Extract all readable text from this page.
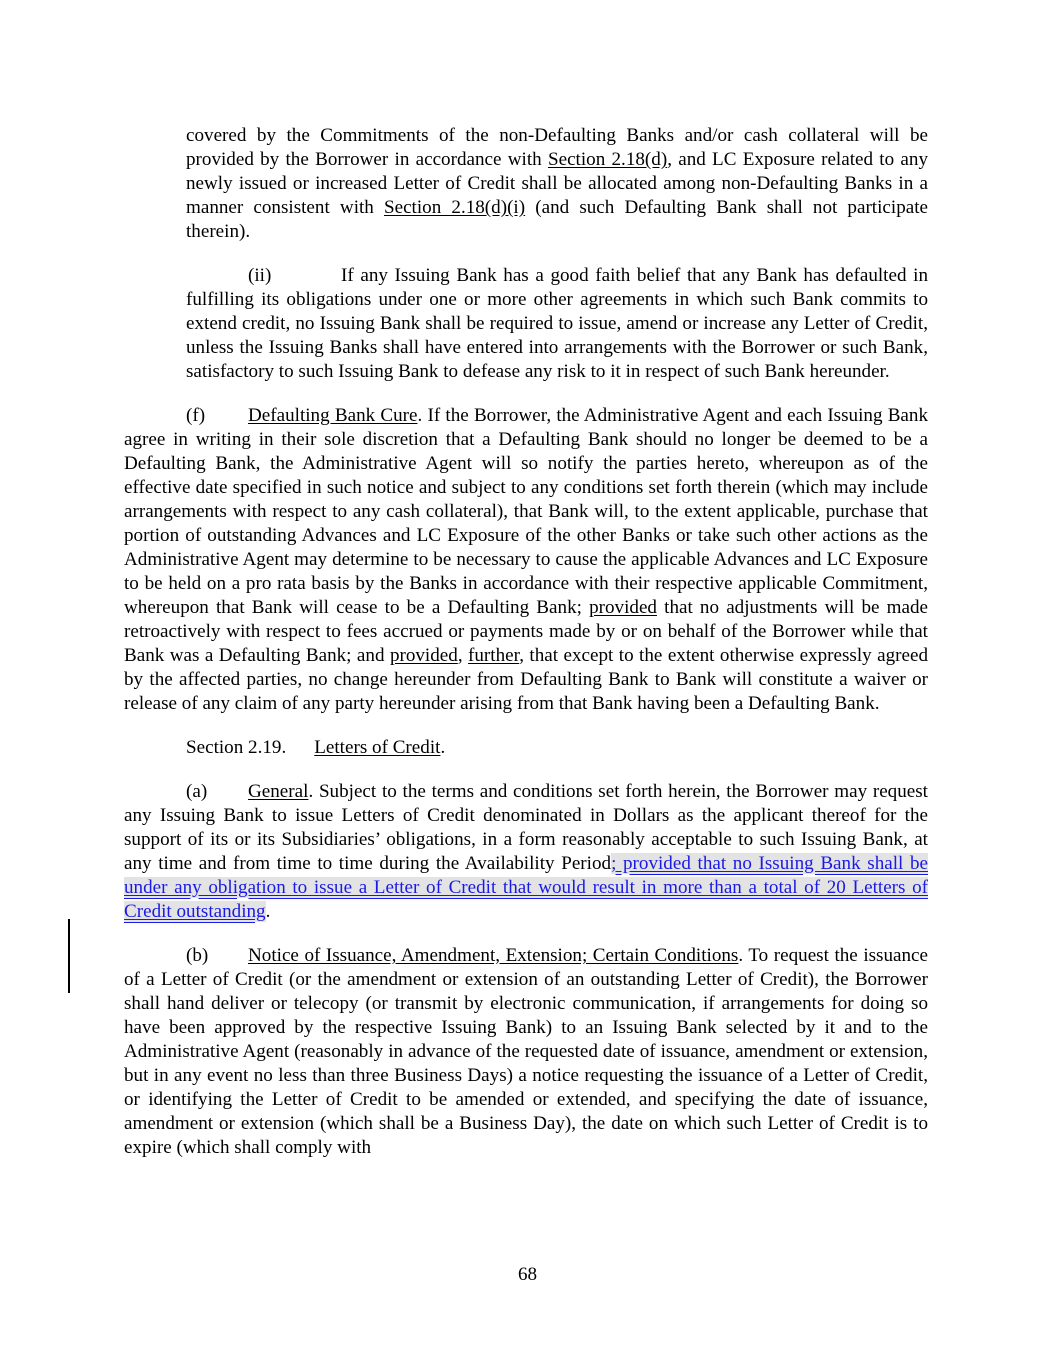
covered by the Commitments of the non-Defaulting Banks and/or cash collateral will be provided by the Borrower in accordance with Section 2.18(d), and LC Exposure related to any newly issued or increased Letter of Credit shall be allocated among non-Defaulting Banks in a manner consistent with Section 2.18(d)(i) (and such Defaulting Bank shall not participate therein).

(ii)	If any Issuing Bank has a good faith belief that any Bank has defaulted in fulfilling its obligations under one or more other agreements in which such Bank commits to extend credit, no Issuing Bank shall be required to issue, amend or increase any Letter of Credit, unless the Issuing Banks shall have entered into arrangements with the Borrower or such Bank, satisfactory to such Issuing Bank to defease any risk to it in respect of such Bank hereunder.

(f) Defaulting Bank Cure. If the Borrower, the Administrative Agent and each Issuing Bank agree in writing in their sole discretion that a Defaulting Bank should no longer be deemed to be a Defaulting Bank, the Administrative Agent will so notify the parties hereto, whereupon as of the effective date specified in such notice and subject to any conditions set forth therein (which may include arrangements with respect to any cash collateral), that Bank will, to the extent applicable, purchase that portion of outstanding Advances and LC Exposure of the other Banks or take such other actions as the Administrative Agent may determine to be necessary to cause the applicable Advances and LC Exposure to be held on a pro rata basis by the Banks in accordance with their respective applicable Commitment, whereupon that Bank will cease to be a Defaulting Bank; provided that no adjustments will be made retroactively with respect to fees accrued or payments made by or on behalf of the Borrower while that Bank was a Defaulting Bank; and provided, further, that except to the extent otherwise expressly agreed by the affected parties, no change hereunder from Defaulting Bank to Bank will constitute a waiver or release of any claim of any party hereunder arising from that Bank having been a Defaulting Bank.

Section 2.19. Letters of Credit.

(a) General. Subject to the terms and conditions set forth herein, the Borrower may request any Issuing Bank to issue Letters of Credit denominated in Dollars as the applicant thereof for the support of its or its Subsidiaries’ obligations, in a form reasonably acceptable to such Issuing Bank, at any time and from time to time during the Availability Period; provided that no Issuing Bank shall be under any obligation to issue a Letter of Credit that would result in more than a total of 20 Letters of Credit outstanding.

(b) Notice of Issuance, Amendment, Extension; Certain Conditions. To request the issuance of a Letter of Credit (or the amendment or extension of an outstanding Letter of Credit), the Borrower shall hand deliver or telecopy (or transmit by electronic communication, if arrangements for doing so have been approved by the respective Issuing Bank) to an Issuing Bank selected by it and to the Administrative Agent (reasonably in advance of the requested date of issuance, amendment or extension, but in any event no less than three Business Days) a notice requesting the issuance of a Letter of Credit, or identifying the Letter of Credit to be amended or extended, and specifying the date of issuance, amendment or extension (which shall be a Business Day), the date on which such Letter of Credit is to expire (which shall comply with

68
